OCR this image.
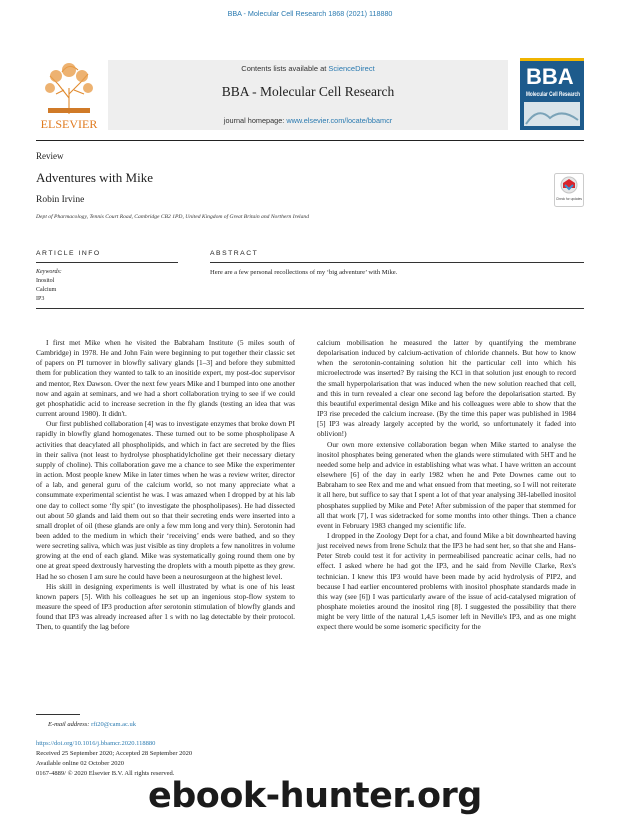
BBA - Molecular Cell Research 1868 (2021) 118880
ELSEVIER
Contents lists available at ScienceDirect
BBA - Molecular Cell Research
journal homepage: www.elsevier.com/locate/bbamcr
BBA
Molecular Cell Research
Review
Adventures with Mike
Robin Irvine
Dept of Pharmacology, Tennis Court Road, Cambridge CB2 1PD, United Kingdom of Great Britain and Northern Ireland
Check for updates
ARTICLE INFO
Keywords:
Inositol
Calcium
IP3
ABSTRACT
Here are a few personal recollections of my ‘big adventure’ with Mike.

I first met Mike when he visited the Babraham Institute (5 miles south of Cambridge) in 1978. He and John Fain were beginning to put together their classic set of papers on PI turnover in blowfly salivary glands [1–3] and before they submitted them for publication they wanted to talk to an inositide expert, my post-doc supervisor and mentor, Rex Dawson. Over the next few years Mike and I bumped into one another now and again at seminars, and we had a short collaboration trying to see if we could get phosphatidic acid to increase secretion in the fly glands (testing an idea that was current around 1980). It didn't.

Our first published collaboration [4] was to investigate enzymes that broke down PI rapidly in blowfly gland homogenates. These turned out to be some phospholipase A activities that deacylated all phospholipids, and which in fact are secreted by the flies in their saliva (not least to hydrolyse phosphatidylcholine get their necessary dietary supply of choline). This collaboration gave me a chance to see Mike the experimenter in action. Most people knew Mike in later times when he was a review writer, director of a lab, and general guru of the calcium world, so not many appreciate what a consummate experimental scientist he was. I was amazed when I dropped by at his lab one day to collect some ‘fly spit’ (to investigate the phospholipases). He had dissected out about 50 glands and laid them out so that their secreting ends were inserted into a small droplet of oil (these glands are only a few mm long and very thin). Serotonin had been added to the medium in which their ‘receiving’ ends were bathed, and so they were secreting saliva, which was just visible as tiny droplets a few nanolitres in volume growing at the end of each gland. Mike was systematically going round them one by one at great speed dextrously harvesting the droplets with a mouth pipette as they grew. Had he so chosen I am sure he could have been a neurosurgeon at the highest level.

His skill in designing experiments is well illustrated by what is one of his least known papers [5]. With his colleagues he set up an ingenious stop-flow system to measure the speed of IP3 production after serotonin stimulation of blowfly glands and found that IP3 was already increased after 1 s with no lag detectable by their protocol. Then, to quantify the lag before

calcium mobilisation he measured the latter by quantifying the membrane depolarisation induced by calcium-activation of chloride channels. But how to know when the serotonin-containing solution hit the particular cell into which his microelectrode was inserted? By raising the KCl in that solution just enough to record the small hyperpolarisation that was induced when the new solution reached that cell, and this in turn revealed a clear one second lag before the depolarisation started. By this beautiful experimental design Mike and his colleagues were able to show that the IP3 rise preceded the calcium increase. (By the time this paper was published in 1984 [5] IP3 was already largely accepted by the world, so unfortunately it faded into oblivion!)

Our own more extensive collaboration began when Mike started to analyse the inositol phosphates being generated when the glands were stimulated with 5HT and he needed some help and advice in establishing what was what. I have written an account elsewhere [6] of the day in early 1982 when he and Pete Downes came out to Babraham to see Rex and me and what ensued from that meeting, so I will not reiterate it all here, but suffice to say that I spent a lot of that year analysing 3H-labelled inositol phosphates supplied by Mike and Pete! After submission of the paper that stemmed for all that work [7], I was sidetracked for some months into other things. Then a chance event in February 1983 changed my scientific life.

I dropped in the Zoology Dept for a chat, and found Mike a bit downhearted having just received news from Irene Schulz that the IP3 he had sent her, so that she and Hans-Peter Streb could test it for activity in permeabilised pancreatic acinar cells, had no effect. I asked where he had got the IP3, and he said from Neville Clarke, Rex's technician. I knew this IP3 would have been made by acid hydrolysis of PIP2, and because I had earlier encountered problems with inositol phosphate standards made in this way (see [6]) I was particularly aware of the issue of acid-catalysed migration of phosphate moieties around the inositol ring [8]. I suggested the possibility that there might be very little of the natural 1,4,5 isomer left in Neville's IP3, and as one might expect there would be some isomeric specificity for the

E-mail address: rfi20@cam.ac.uk
https://doi.org/10.1016/j.bbamcr.2020.118880
Received 25 September 2020; Accepted 28 September 2020
Available online 02 October 2020
0167-4889/ © 2020 Elsevier B.V. All rights reserved.
ebook-hunter.org
